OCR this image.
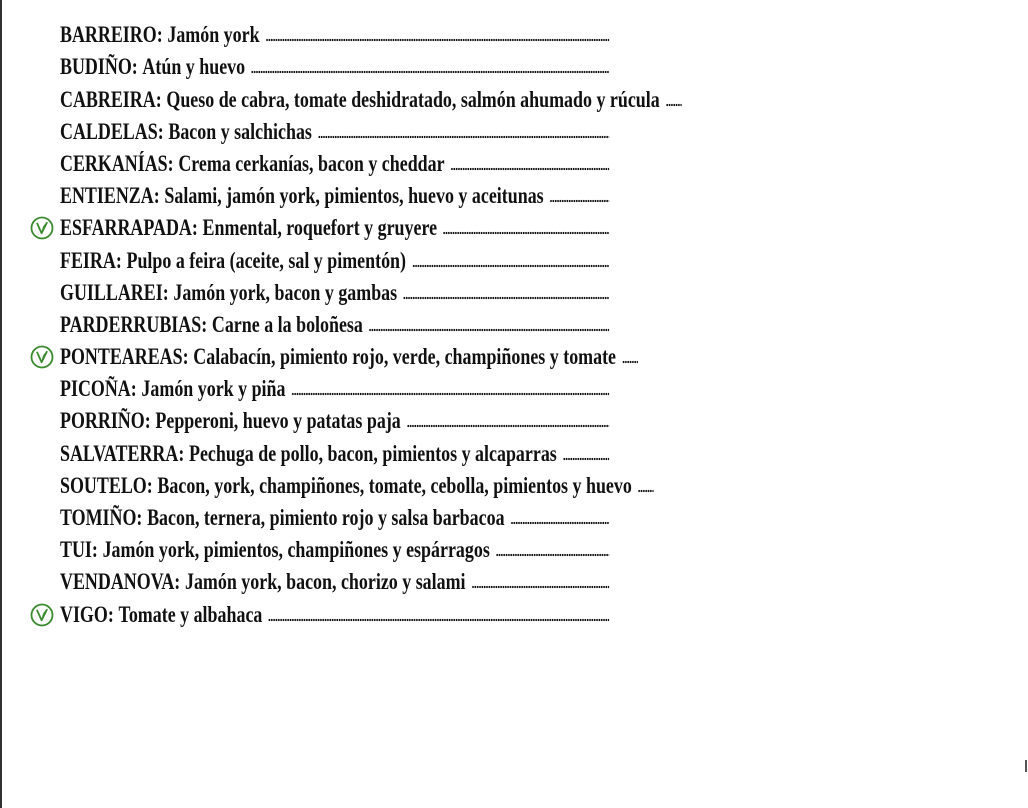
BARREIRO : Jamón york
BUDIÑO : Atún y huevo
CABREIRA : Queso de cabra, tomate deshidratado, salmón ahumado y rúcula
CALDELAS : Bacon y salchichas
CERKANÍAS : Crema cerkanías, bacon y cheddar
ENTIENZA : Salami, jamón york, pimientos, huevo y aceitunas
ESFARRAPADA : Enmental, roquefort y gruyere
FEIRA : Pulpo a feira (aceite, sal y pimentón)
GUILLAREI : Jamón york, bacon y gambas
PARDERRUBIAS : Carne a la boloñesa
PONTEAREAS : Calabacín, pimiento rojo, verde, champiñones y tomate
PICOÑA : Jamón york y piña
PORRIÑO : Pepperoni, huevo y patatas paja
SALVATERRA : Pechuga de pollo, bacon, pimientos y alcaparras
SOUTELO : Bacon, york, champiñones, tomate, cebolla, pimientos y huevo
TOMIÑO : Bacon, ternera, pimiento rojo y salsa barbacoa
TUI : Jamón york, pimientos, champiñones y espárragos
VENDANOVA : Jamón york, bacon, chorizo y salami
VIGO : Tomate y albahaca
